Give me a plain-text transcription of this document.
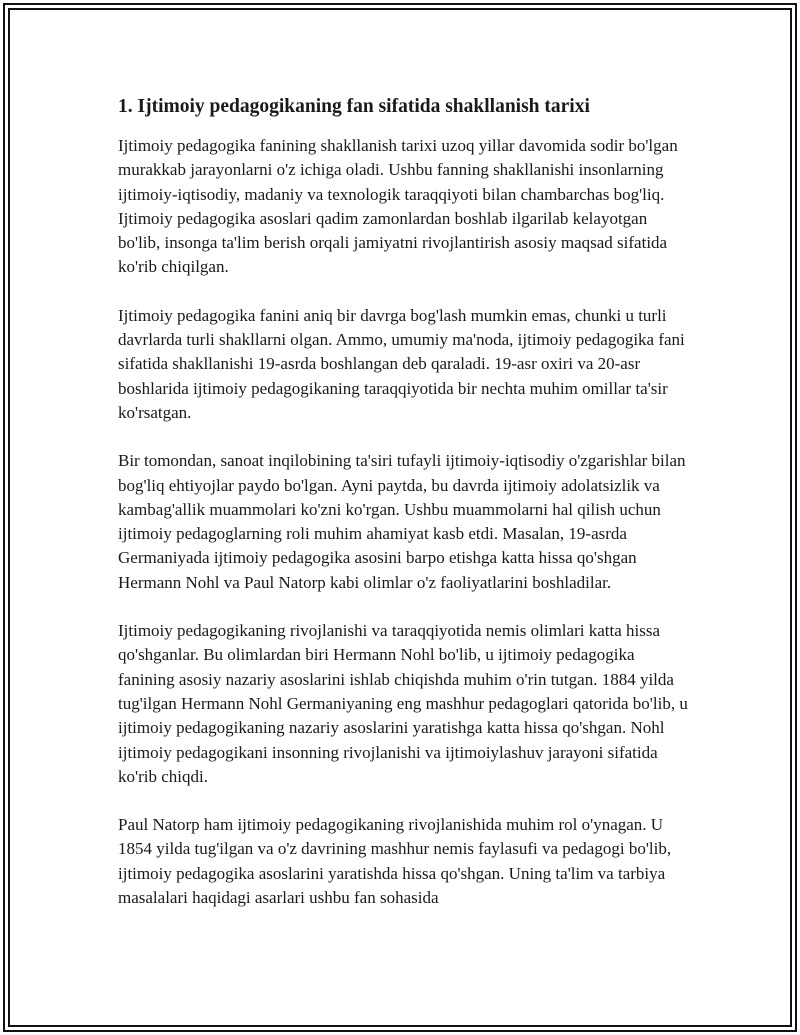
1. Ijtimoiy pedagogikaning fan sifatida shakllanish tarixi

Ijtimoiy pedagogika fanining shakllanish tarixi uzoq yillar davomida sodir bo'lgan murakkab jarayonlarni o'z ichiga oladi. Ushbu fanning shakllanishi insonlarning ijtimoiy-iqtisodiy, madaniy va texnologik taraqqiyoti bilan chambarchas bog'liq. Ijtimoiy pedagogika asoslari qadim zamonlardan boshlab ilgarilab kelayotgan bo'lib, insonga ta'lim berish orqali jamiyatni rivojlantirish asosiy maqsad sifatida ko'rib chiqilgan.

Ijtimoiy pedagogika fanini aniq bir davrga bog'lash mumkin emas, chunki u turli davrlarda turli shakllarni olgan. Ammo, umumiy ma'noda, ijtimoiy pedagogika fani sifatida shakllanishi 19-asrda boshlangan deb qaraladi. 19-asr oxiri va 20-asr boshlarida ijtimoiy pedagogikaning taraqqiyotida bir nechta muhim omillar ta'sir ko'rsatgan.

Bir tomondan, sanoat inqilobining ta'siri tufayli ijtimoiy-iqtisodiy o'zgarishlar bilan bog'liq ehtiyojlar paydo bo'lgan. Ayni paytda, bu davrda ijtimoiy adolatsizlik va kambag'allik muammolari ko'zni ko'rgan. Ushbu muammolarni hal qilish uchun ijtimoiy pedagoglarning roli muhim ahamiyat kasb etdi. Masalan, 19-asrda Germaniyada ijtimoiy pedagogika asosini barpo etishga katta hissa qo'shgan Hermann Nohl va Paul Natorp kabi olimlar o'z faoliyatlarini boshladilar.

Ijtimoiy pedagogikaning rivojlanishi va taraqqiyotida nemis olimlari katta hissa qo'shganlar. Bu olimlardan biri Hermann Nohl bo'lib, u ijtimoiy pedagogika fanining asosiy nazariy asoslarini ishlab chiqishda muhim o'rin tutgan. 1884 yilda tug'ilgan Hermann Nohl Germaniyaning eng mashhur pedagoglari qatorida bo'lib, u ijtimoiy pedagogikaning nazariy asoslarini yaratishga katta hissa qo'shgan. Nohl ijtimoiy pedagogikani insonning rivojlanishi va ijtimoiylashuv jarayoni sifatida ko'rib chiqdi.

Paul Natorp ham ijtimoiy pedagogikaning rivojlanishida muhim rol o'ynagan. U 1854 yilda tug'ilgan va o'z davrining mashhur nemis faylasufi va pedagogi bo'lib, ijtimoiy pedagogika asoslarini yaratishda hissa qo'shgan. Uning ta'lim va tarbiya masalalari haqidagi asarlari ushbu fan sohasida
